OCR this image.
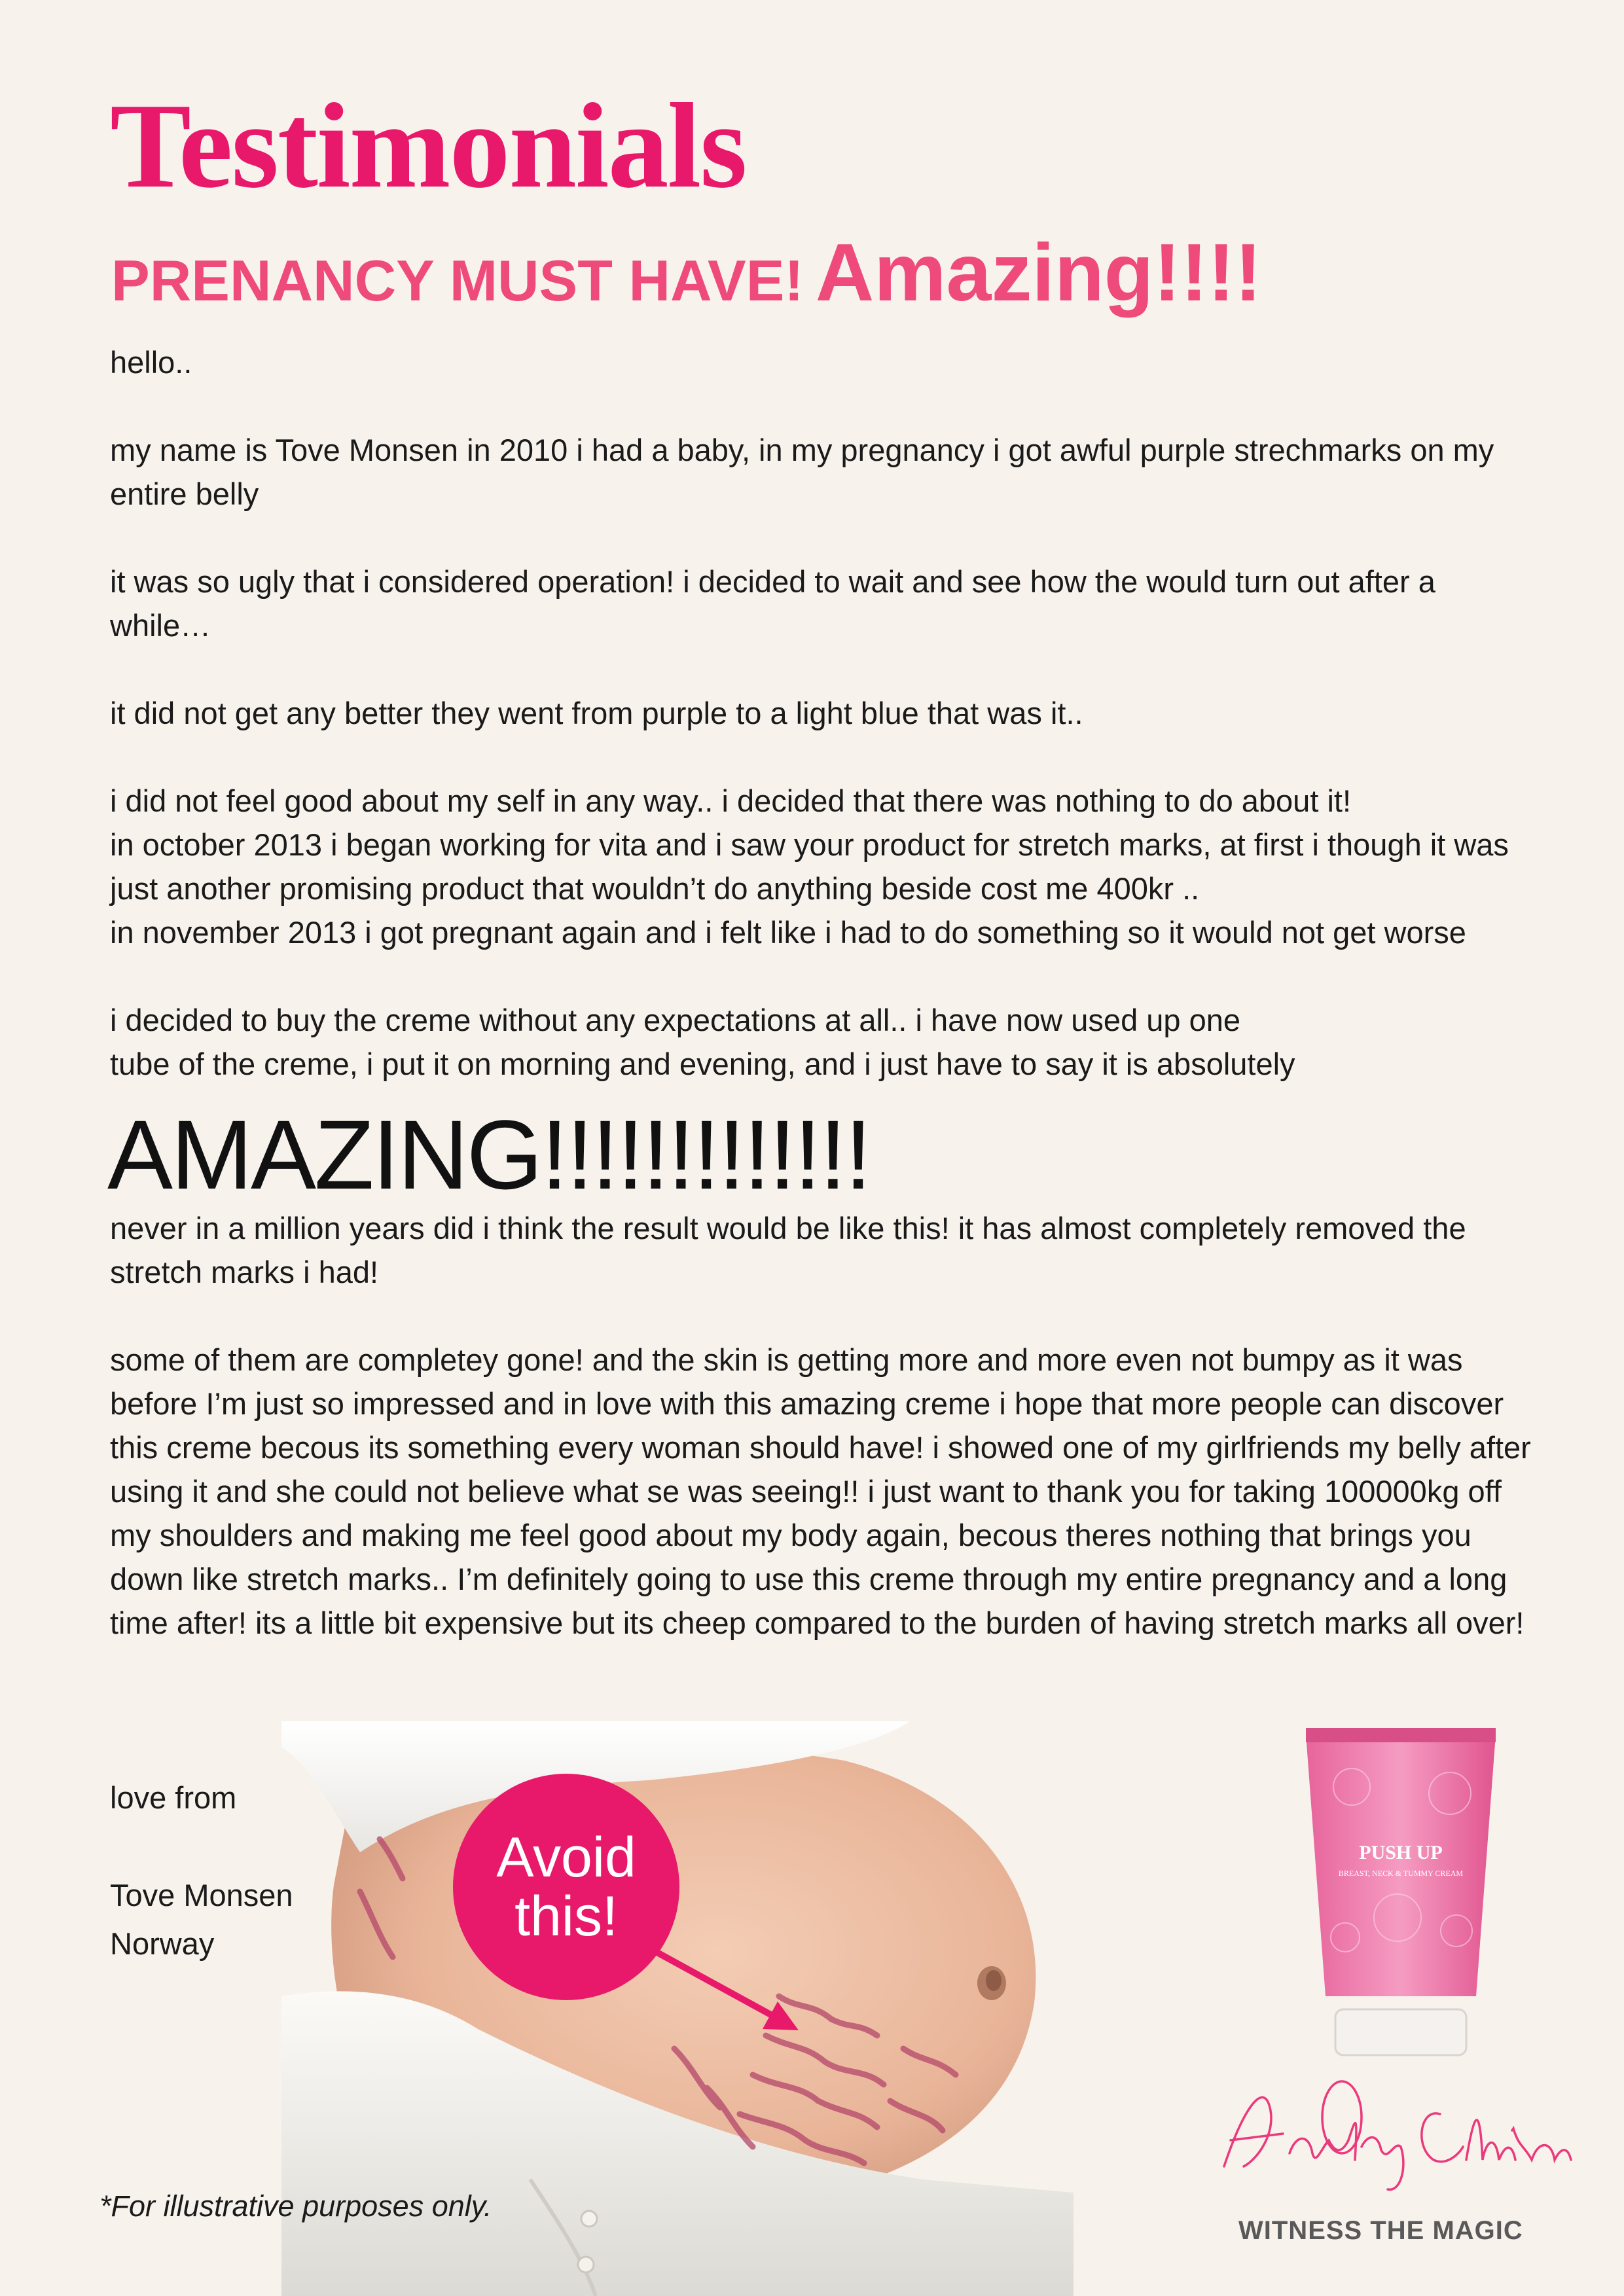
Testimonials
PRENANCY MUST HAVE! Amazing!!!!

hello..

my name is Tove Monsen in 2010 i had a baby, in my pregnancy i got awful purple strechmarks on my entire belly

it was so ugly that i considered operation! i decided to wait and see how the would turn out after a while…

it did not get any better they went from purple to a light blue that was it..

i did not feel good about my self in any way.. i decided that there was nothing to do about it!
in october 2013 i began working for vita and i saw your product for stretch marks, at first i though it was just another promising product that wouldn’t do anything beside cost me 400kr ..
in november 2013 i got pregnant again and i felt like i had to do something so it would not get worse

i decided to buy the creme without any expectations at all.. i have now used up one
tube of the creme, i put it on morning and evening, and i just have to say it is absolutely
AMAZING!!!!!!!!!!!!!

never in a million years did i think the result would be like this! it has almost completely removed the stretch marks i had!

some of them are completey gone! and the skin is getting more and more even not bumpy as it was before I’m just so impressed and in love with this amazing creme i hope that more people can discover this creme becous its something every woman should have! i showed one of my girlfriends my belly after using it and she could not believe what se was seeing!! i just want to thank you for taking 100000kg off my shoulders and making me feel good about my body again, becous theres nothing that brings you down like stretch marks.. I’m definitely going to use this creme through my entire pregnancy and a long time after! its a little bit expensive but its cheep compared to the burden of having stretch marks all over!

love from

Tove Monsen

Norway

Avoid
this!
PUSH UP
BREAST, NECK & TUMMY CREAM
WITNESS THE MAGIC
*For illustrative purposes only.
